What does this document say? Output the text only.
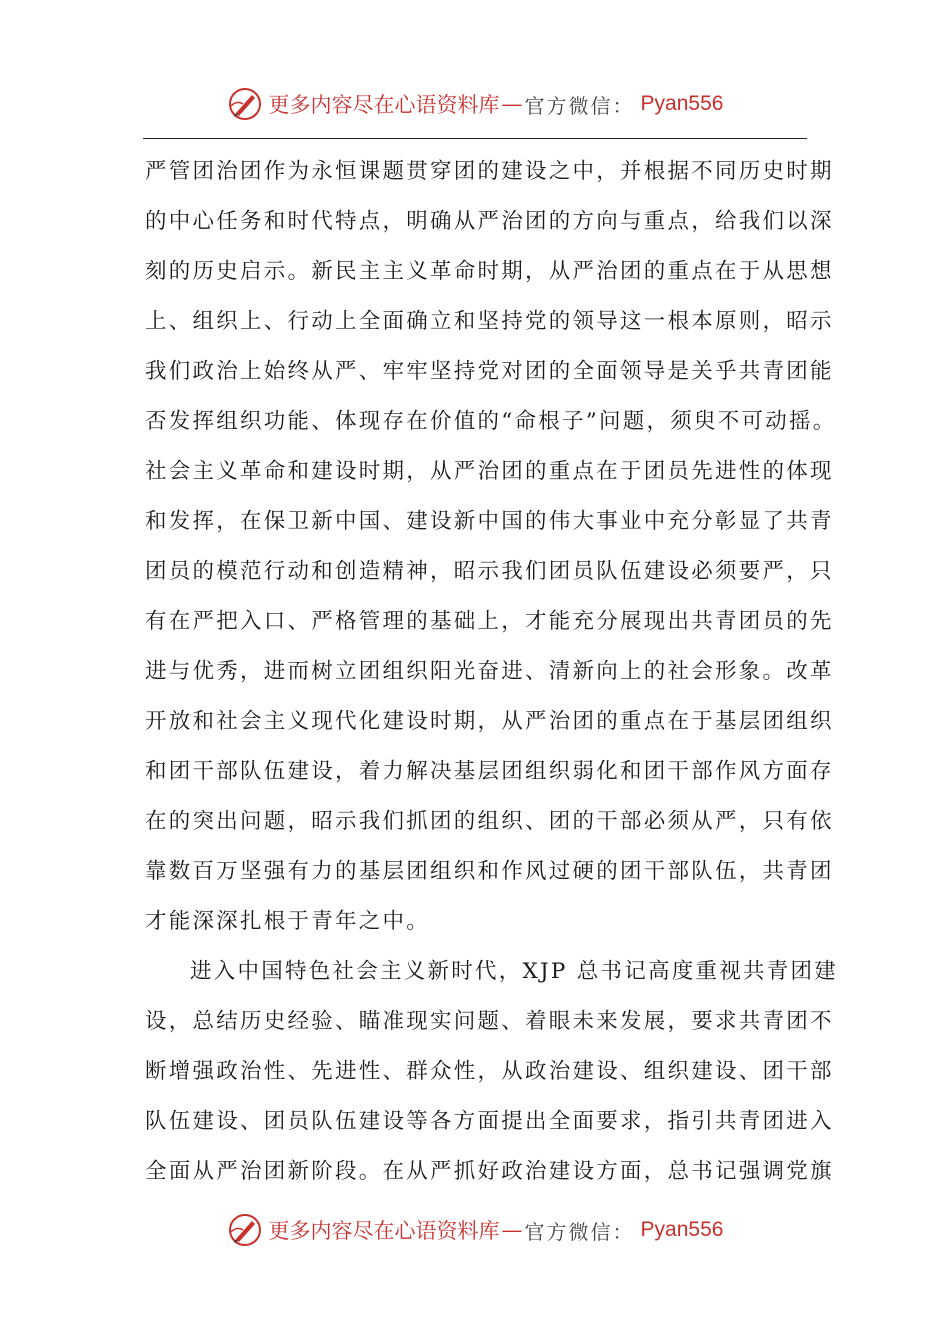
更多内容尽在心语资料库 — 官方微信 ： Pyan556
严管团治团作为永恒课题贯穿团的建设之中，并根据不同历史时期
的中心任务和时代特点，明确从严治团的方向与重点，给我们以深
刻的历史启示。新民主主义革命时期，从严治团的重点在于从思想
上、组织上、行动上全面确立和坚持党的领导这一根本原则，昭示
我们政治上始终从严、牢牢坚持党对团的全面领导是关乎共青团能
否发挥组织功能、体现存在价值的“命根子”问题，须臾不可动摇。
社会主义革命和建设时期，从严治团的重点在于团员先进性的体现
和发挥，在保卫新中国、建设新中国的伟大事业中充分彰显了共青
团员的模范行动和创造精神，昭示我们团员队伍建设必须要严，只
有在严把入口、严格管理的基础上，才能充分展现出共青团员的先
进与优秀，进而树立团组织阳光奋进、清新向上的社会形象。改革
开放和社会主义现代化建设时期，从严治团的重点在于基层团组织
和团干部队伍建设，着力解决基层团组织弱化和团干部作风方面存
在的突出问题，昭示我们抓团的组织、团的干部必须从严，只有依
靠数百万坚强有力的基层团组织和作风过硬的团干部队伍，共青团
才能深深扎根于青年之中。
进入中国特色社会主义新时代，XJP 总书记高度重视共青团建
设，总结历史经验、瞄准现实问题、着眼未来发展，要求共青团不
断增强政治性、先进性、群众性，从政治建设、组织建设、团干部
队伍建设、团员队伍建设等各方面提出全面要求，指引共青团进入
全面从严治团新阶段。在从严抓好政治建设方面，总书记强调党旗
更多内容尽在心语资料库 — 官方微信 ： Pyan556
